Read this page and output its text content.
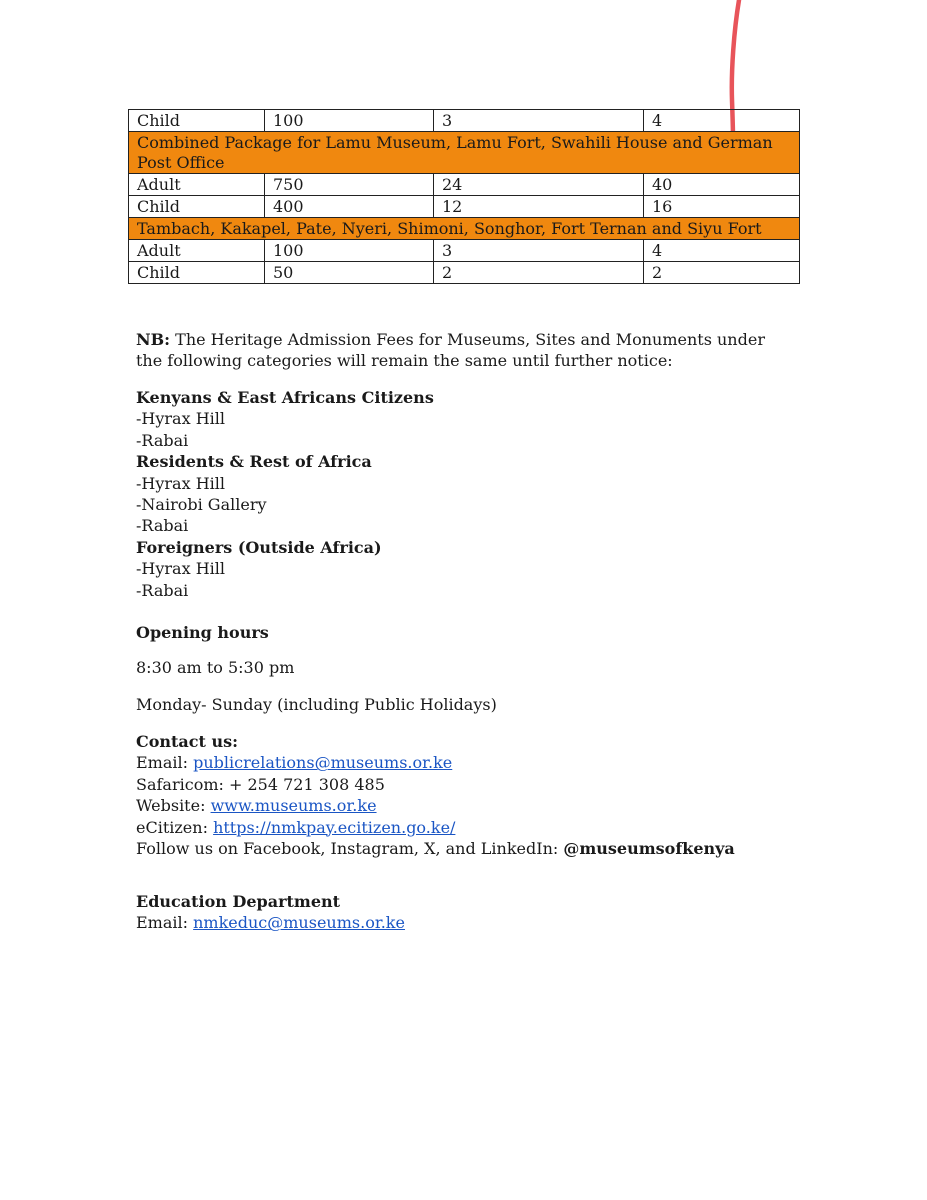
Child	100	3	4
Combined Package for Lamu Museum, Lamu Fort, Swahili House and German Post Office			
Adult	750	24	40
Child	400	12	16
Tambach, Kakapel, Pate, Nyeri, Shimoni, Songhor, Fort Ternan and Siyu Fort			
Adult	100	3	4
Child	50	2	2
NB: The Heritage Admission Fees for Museums, Sites and Monuments under the following categories will remain the same until further notice:
Kenyans & East Africans Citizens
-Hyrax Hill
-Rabai
Residents & Rest of Africa
-Hyrax Hill
-Nairobi Gallery
-Rabai
Foreigners (Outside Africa)
-Hyrax Hill
-Rabai
Opening hours
8:30 am to 5:30 pm
Monday- Sunday (including Public Holidays)
Contact us:
Email: publicrelations@museums.or.ke
Safaricom: + 254 721 308 485
Website: www.museums.or.ke
eCitizen: https://nmkpay.ecitizen.go.ke/
Follow us on Facebook, Instagram, X, and LinkedIn: @museumsofkenya
Education Department
Email: nmkeduc@museums.or.ke
